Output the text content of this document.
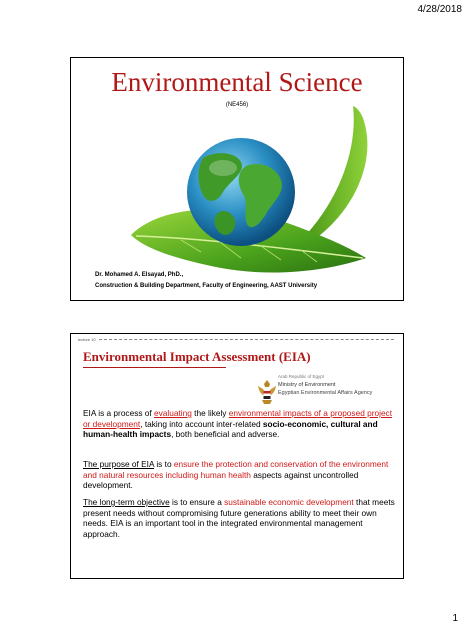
4/28/2018
Environmental Science
(NE456)
Dr. Mohamed A. Elsayad, PhD.,
Construction & Building Department, Faculty of Engineering, AAST University
lecture 10
Environmental Impact Assessment (EIA)
Arab Republic of Egypt
Ministry of Environment
Egyptian Environmental Affairs Agency
EIA is a process of evaluating the likely environmental impacts of a proposed project or development, taking into account inter-related socio-economic, cultural and human-health impacts, both beneficial and adverse.
The purpose of EIA is to ensure the protection and conservation of the environment and natural resources including human health aspects against uncontrolled development.
The long-term objective is to ensure a sustainable economic development that meets present needs without compromising future generations ability to meet their own needs. EIA is an important tool in the integrated environmental management approach.
1
